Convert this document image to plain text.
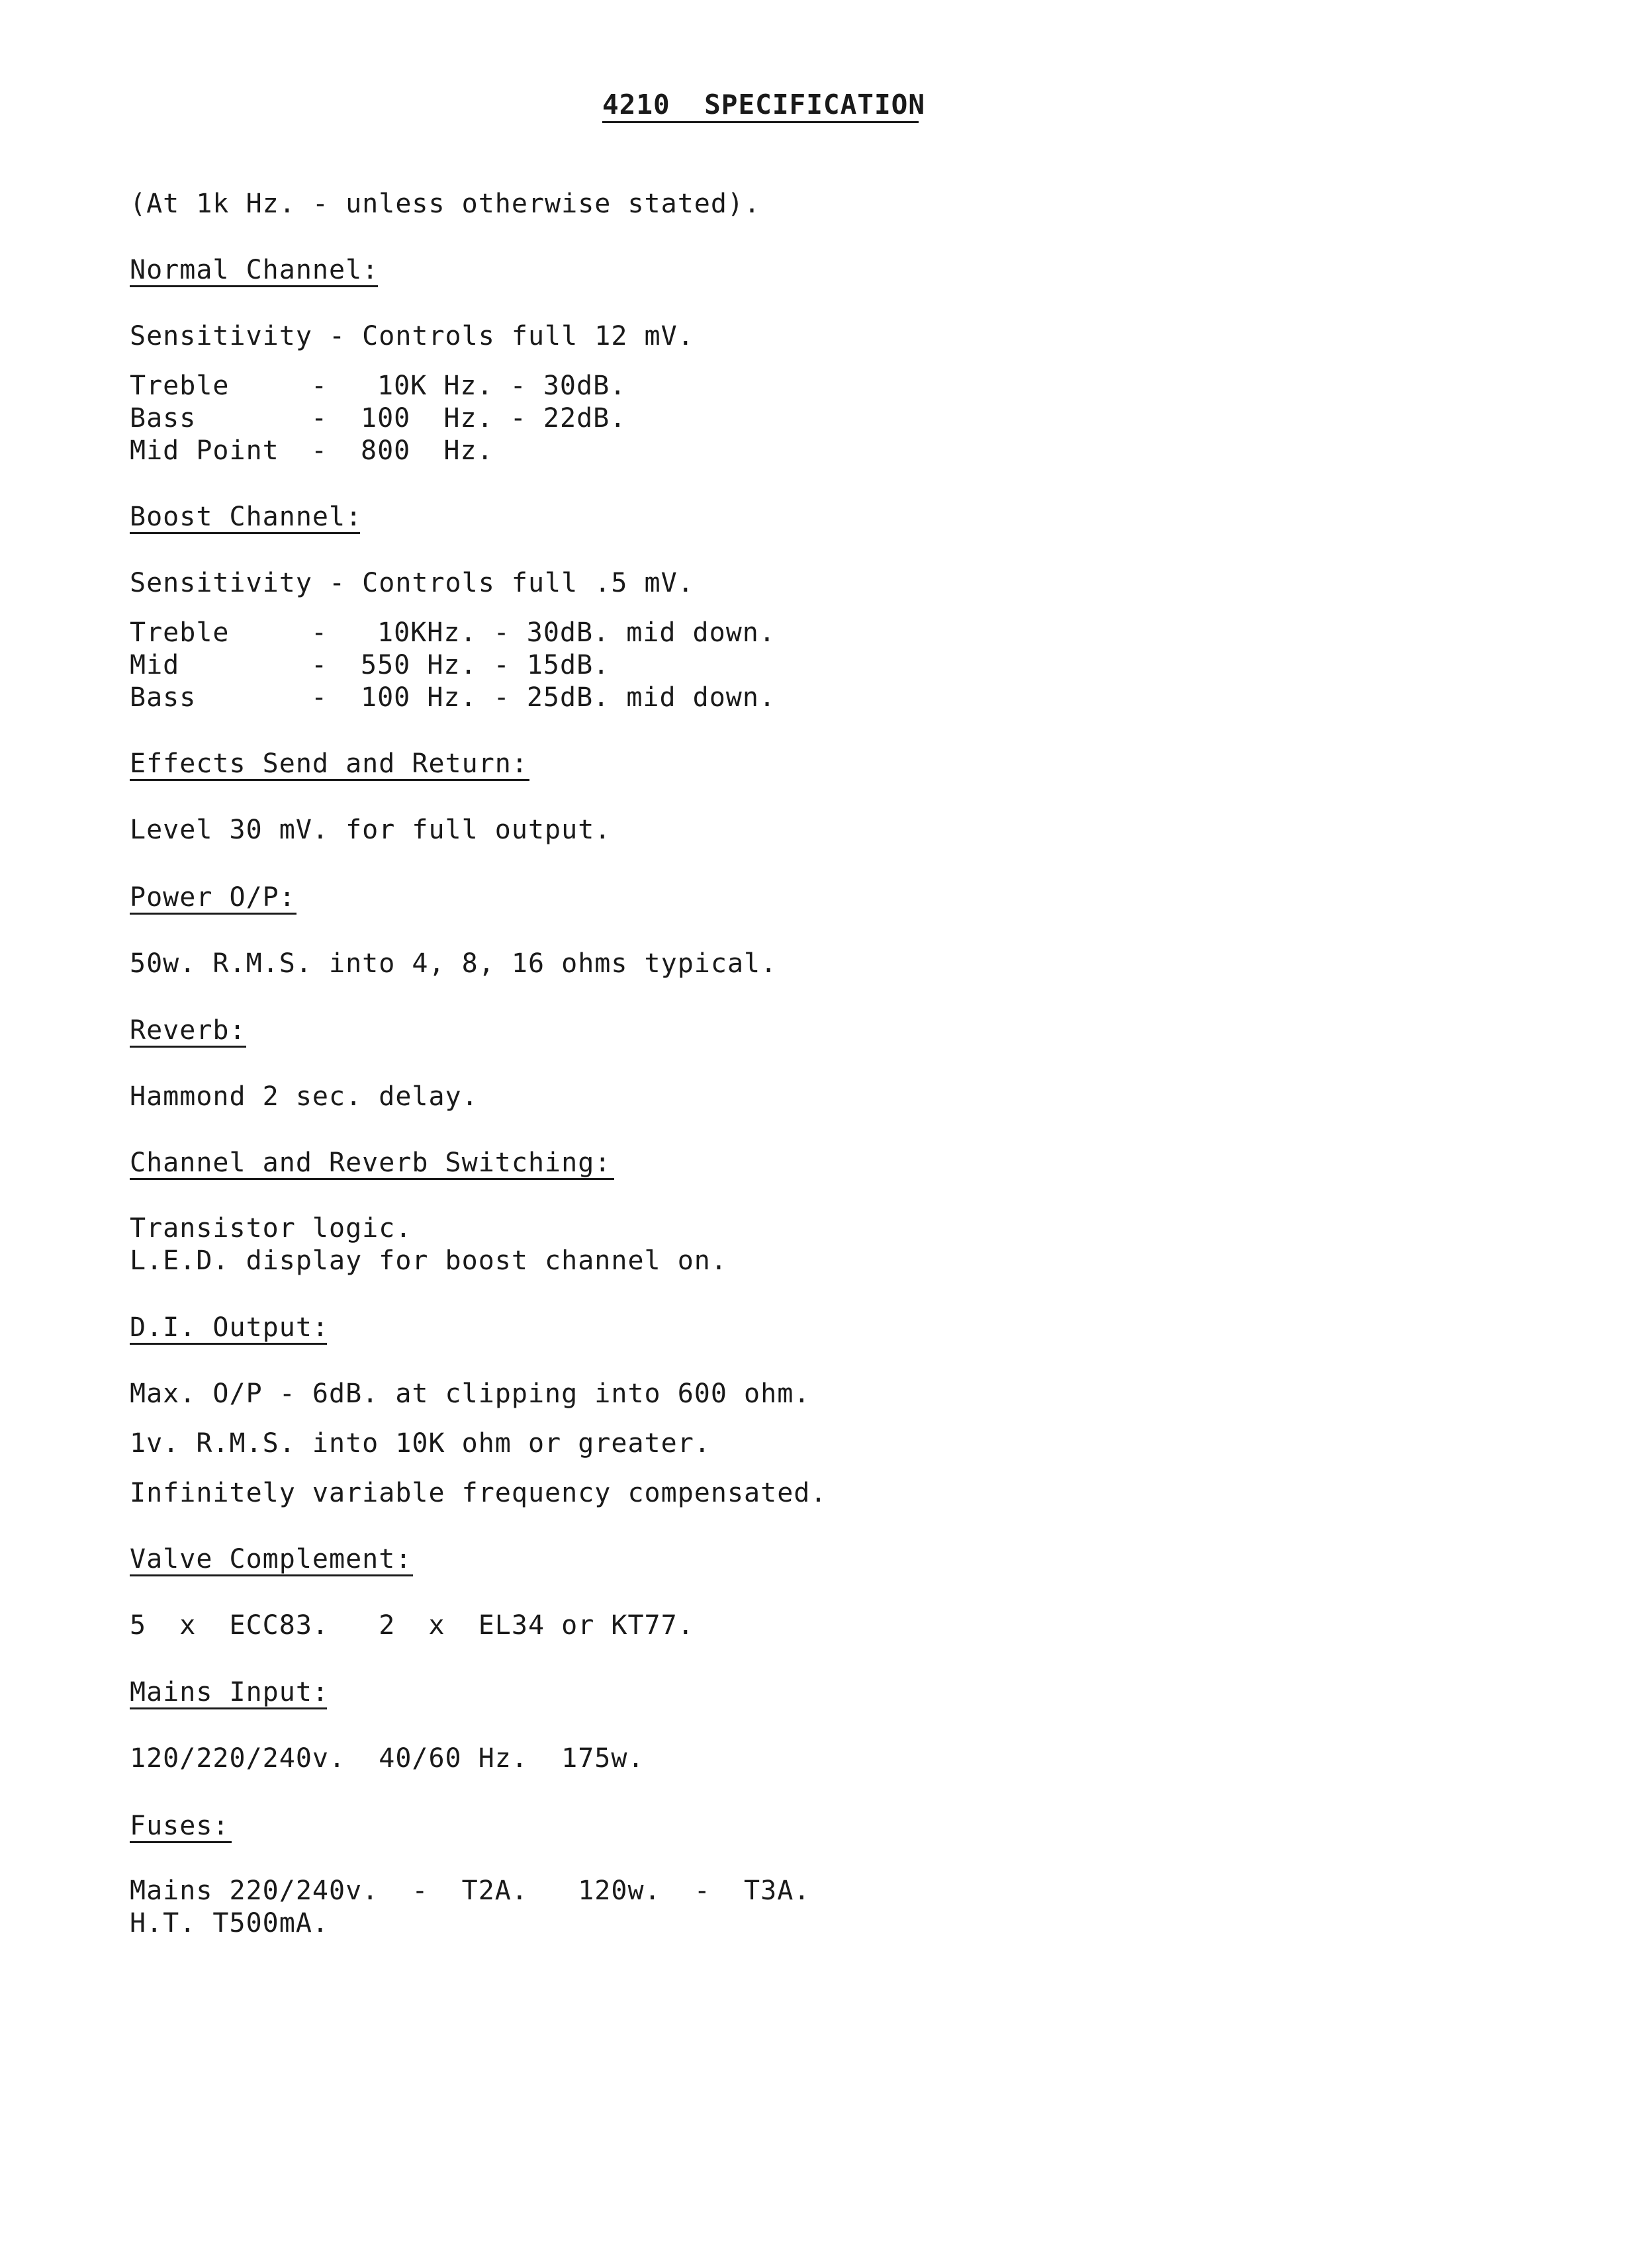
4210  SPECIFICATION
(At 1k Hz. - unless otherwise stated).
Normal Channel:
Sensitivity - Controls full 12 mV.
Treble	- 10K Hz. - 30dB.
Bass	- 100  Hz. - 22dB.
Mid Point - 800  Hz.
Boost Channel:
Sensitivity - Controls full .5 mV.
Treble	- 10KHz. - 30dB. mid down.
Mid	- 550 Hz. - 15dB.
Bass	- 100 Hz. - 25dB. mid down.
Effects Send and Return:
Level 30 mV. for full output.
Power O/P:
50w. R.M.S. into 4, 8, 16 ohms typical.
Reverb:
Hammond 2 sec. delay.
Channel and Reverb Switching:
Transistor logic.
L.E.D. display for boost channel on.
D.I. Output:
Max. O/P - 6dB. at clipping into 600 ohm.
1v. R.M.S. into 10K ohm or greater.
Infinitely variable frequency compensated.
Valve Complement:
5  x  ECC83.   2  x  EL34 or KT77.
Mains Input:
120/220/240v.  40/60 Hz.  175w.
Fuses:
Mains 220/240v.  -  T2A.   120w.  -  T3A.
H.T. T500mA.
